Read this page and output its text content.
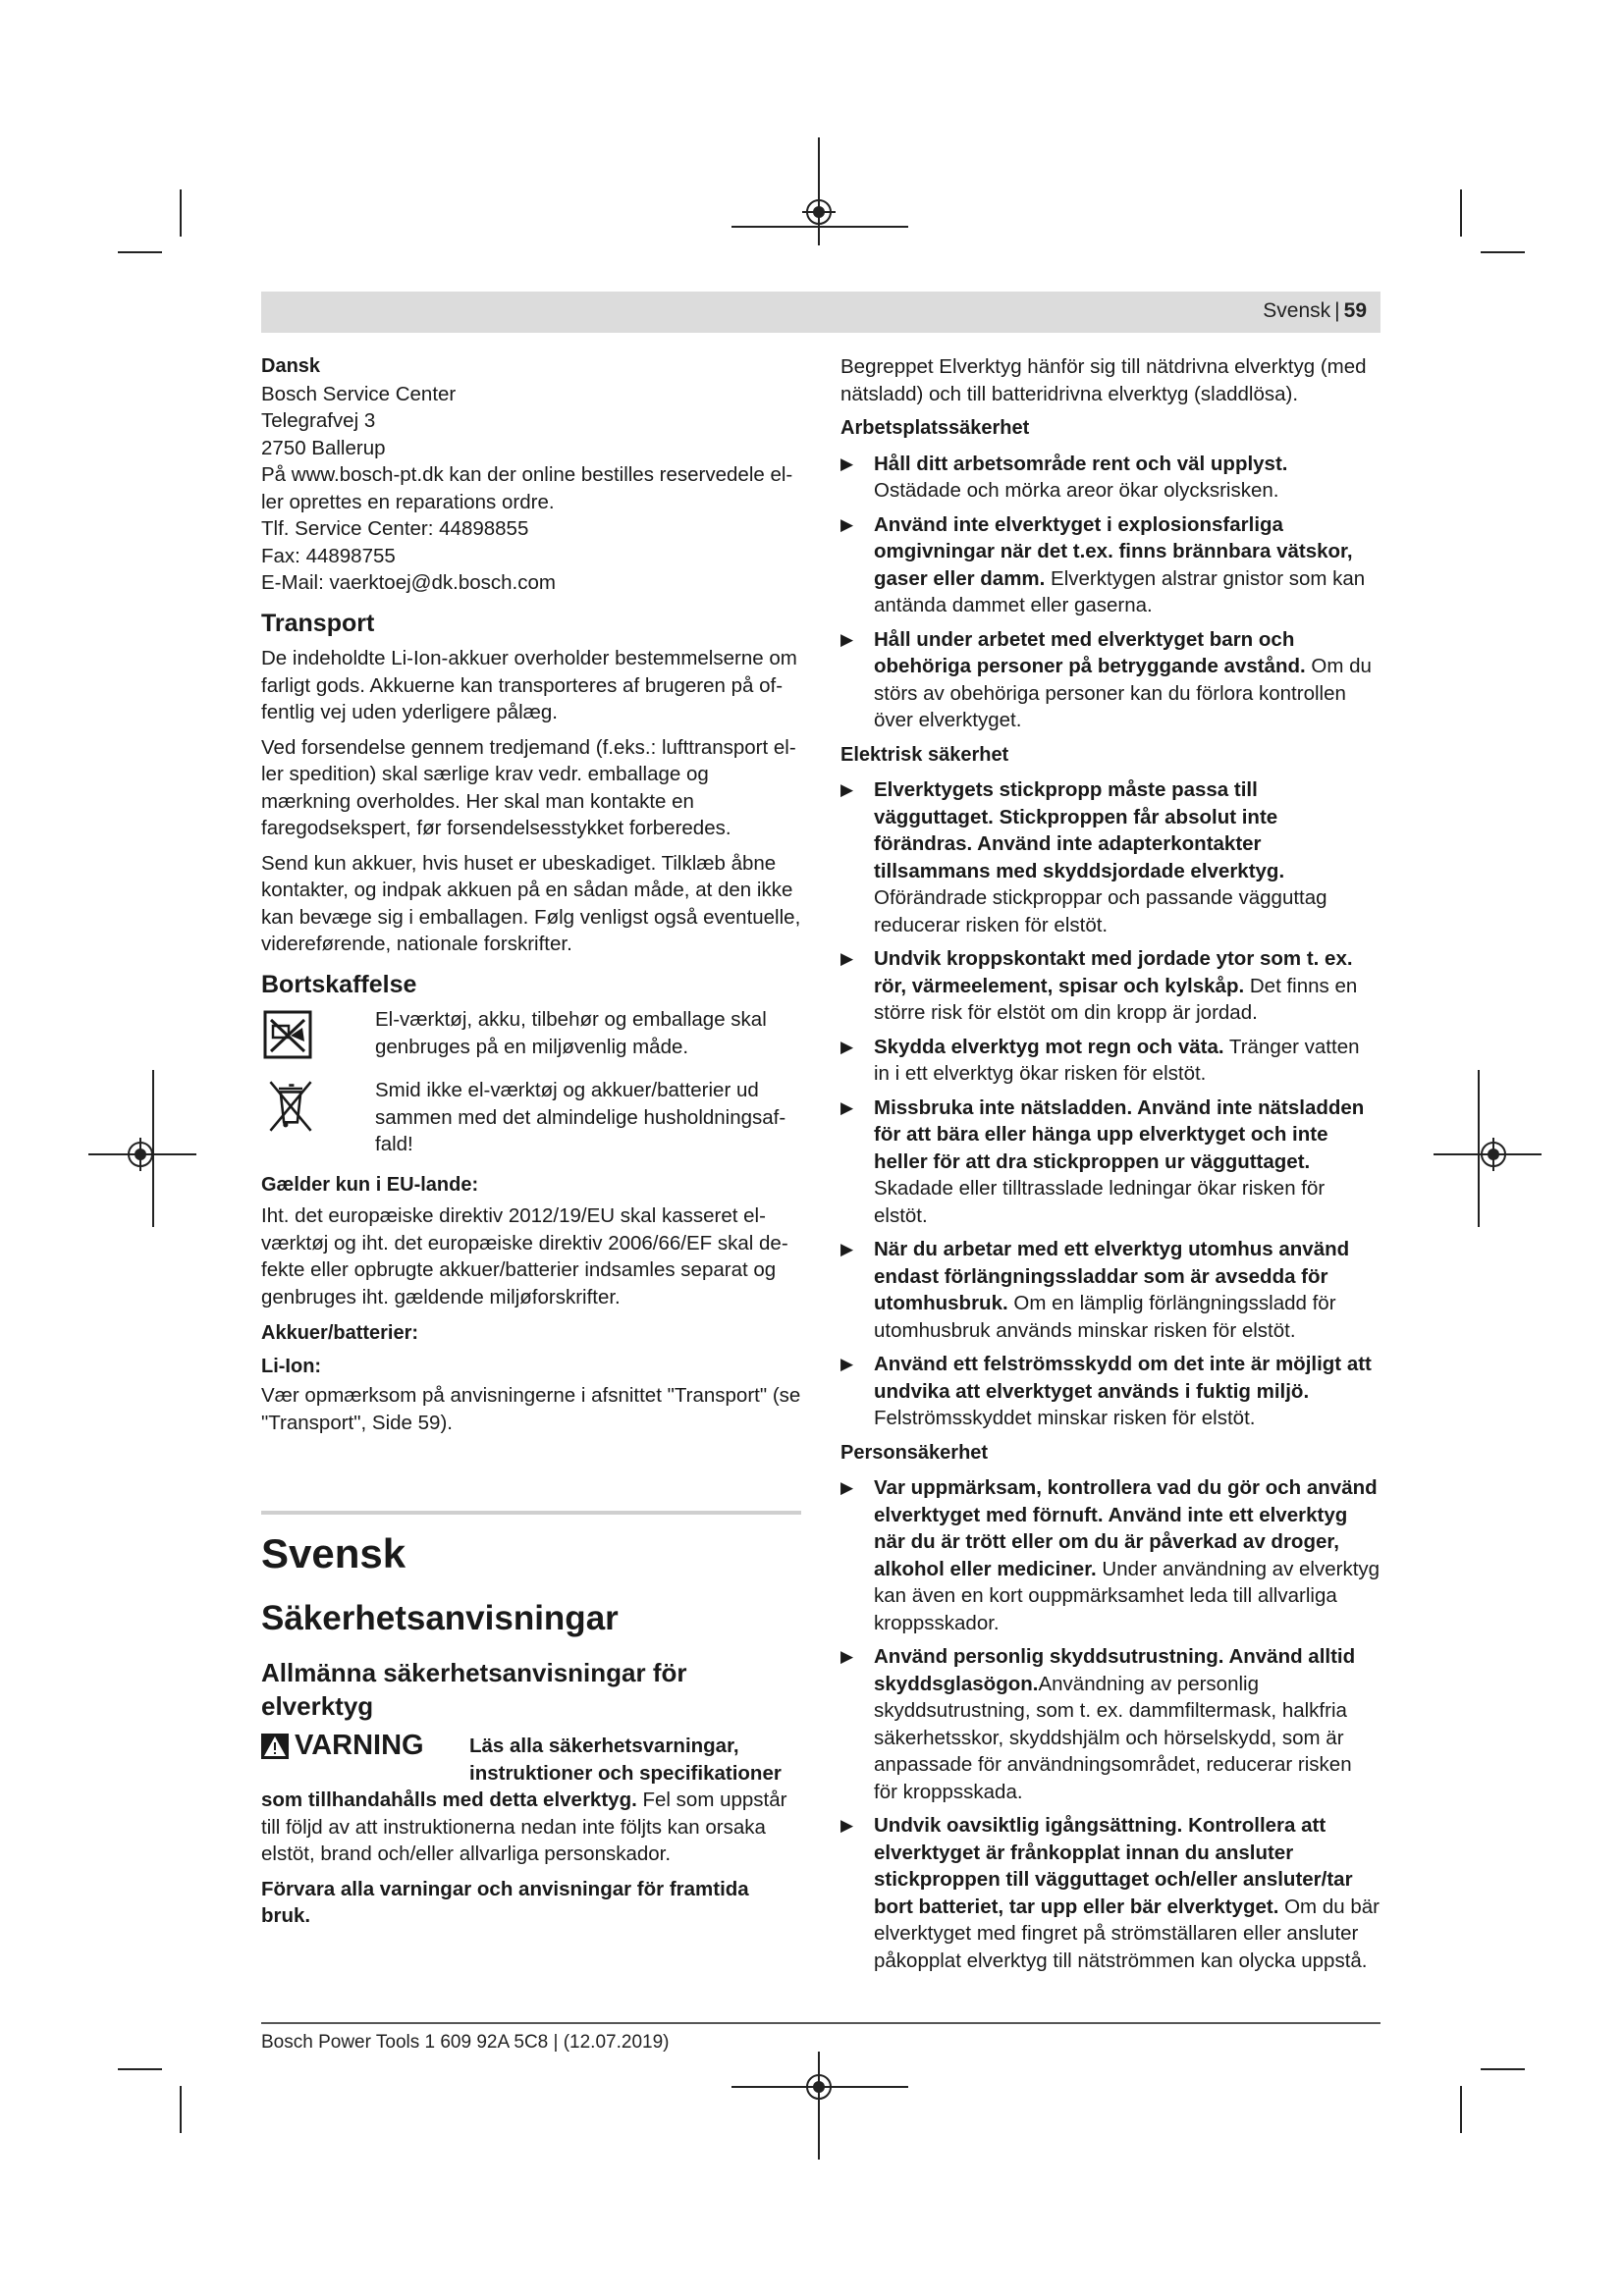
Svensk | 59

Dansk

Bosch Service Center

Telegrafvej 3

2750 Ballerup

På www.bosch-pt.dk kan der online bestilles reservedele el-ler oprettes en reparations ordre.

Tlf. Service Center: 44898855

Fax: 44898755

E-Mail: vaerktoej@dk.bosch.com

Transport

De indeholdte Li-Ion-akkuer overholder bestemmelserne om farligt gods. Akkuerne kan transporteres af brugeren på of-fentlig vej uden yderligere pålæg.

Ved forsendelse gennem tredjemand (f.eks.: lufttransport el-ler spedition) skal særlige krav vedr. emballage og mærkning overholdes. Her skal man kontakte en faregodsekspert, før forsendelsesstykket forberedes.

Send kun akkuer, hvis huset er ubeskadiget. Tilklæb åbne kontakter, og indpak akkuen på en sådan måde, at den ikke kan bevæge sig i emballagen. Følg venligst også eventuelle, videreførende, nationale forskrifter.

Bortskaffelse

El-værktøj, akku, tilbehør og emballage skal genbruges på en miljøvenlig måde.

Smid ikke el-værktøj og akkuer/batterier ud sammen med det almindelige husholdningsaf-fald!

Gælder kun i EU-lande:

Iht. det europæiske direktiv 2012/19/EU skal kasseret el-værktøj og iht. det europæiske direktiv 2006/66/EF skal de-fekte eller opbrugte akkuer/batterier indsamles separat og genbruges iht. gældende miljøforskrifter.

Akkuer/batterier:

Li-Ion:

Vær opmærksom på anvisningerne i afsnittet "Transport" (se "Transport", Side 59).

Svensk

Säkerhetsanvisningar

Allmänna säkerhetsanvisningar för elverktyg

VARNING Läs alla säkerhetsvarningar, instruktioner och specifikationer

som tillhandahålls med detta elverktyg. Fel som uppstår till följd av att instruktionerna nedan inte följts kan orsaka elstöt, brand och/eller allvarliga personskador.

Förvara alla varningar och anvisningar för framtida bruk.

Begreppet Elverktyg hänför sig till nätdrivna elverktyg (med nätsladd) och till batteridrivna elverktyg (sladdlösa).

Arbetsplatssäkerhet

▶	Håll ditt arbetsområde rent och väl upplyst. Ostädade och mörka areor ökar olycksrisken.

▶	Använd inte elverktyget i explosionsfarliga omgivningar när det t.ex. finns brännbara vätskor, gaser eller damm. Elverktygen alstrar gnistor som kan antända dammet eller gaserna.

▶	Håll under arbetet med elverktyget barn och obehöriga personer på betryggande avstånd. Om du störs av obehöriga personer kan du förlora kontrollen över elverktyget.

Elektrisk säkerhet

▶	Elverktygets stickpropp måste passa till vägguttaget. Stickproppen får absolut inte förändras. Använd inte adapterkontakter tillsammans med skyddsjordade elverktyg. Oförändrade stickproppar och passande vägguttag reducerar risken för elstöt.

▶	Undvik kroppskontakt med jordade ytor som t. ex. rör, värmeelement, spisar och kylskåp. Det finns en större risk för elstöt om din kropp är jordad.

▶	Skydda elverktyg mot regn och väta. Tränger vatten in i ett elverktyg ökar risken för elstöt.

▶	Missbruka inte nätsladden. Använd inte nätsladden för att bära eller hänga upp elverktyget och inte heller för att dra stickproppen ur vägguttaget. Skadade eller tilltrasslade ledningar ökar risken för elstöt.

▶	När du arbetar med ett elverktyg utomhus använd endast förlängningssladdar som är avsedda för utomhusbruk. Om en lämplig förlängningssladd för utomhusbruk används minskar risken för elstöt.

▶	Använd ett felströmsskydd om det inte är möjligt att undvika att elverktyget används i fuktig miljö. Felströmsskyddet minskar risken för elstöt.

Personsäkerhet

▶	Var uppmärksam, kontrollera vad du gör och använd elverktyget med förnuft. Använd inte ett elverktyg när du är trött eller om du är påverkad av droger, alkohol eller mediciner. Under användning av elverktyg kan även en kort ouppmärksamhet leda till allvarliga kroppsskador.

▶	Använd personlig skyddsutrustning. Använd alltid skyddsglasögon.Användning av personlig skyddsutrustning, som t. ex. dammfiltermask, halkfria säkerhetsskor, skyddshjälm och hörselskydd, som är anpassade för användningsområdet, reducerar risken för kroppsskada.

▶	Undvik oavsiktlig igångsättning. Kontrollera att elverktyget är frånkopplat innan du ansluter stickproppen till vägguttaget och/eller ansluter/tar bort batteriet, tar upp eller bär elverktyget. Om du bär elverktyget med fingret på strömställaren eller ansluter påkopplat elverktyg till nätströmmen kan olycka uppstå.

Bosch Power Tools 1 609 92A 5C8 | (12.07.2019)
